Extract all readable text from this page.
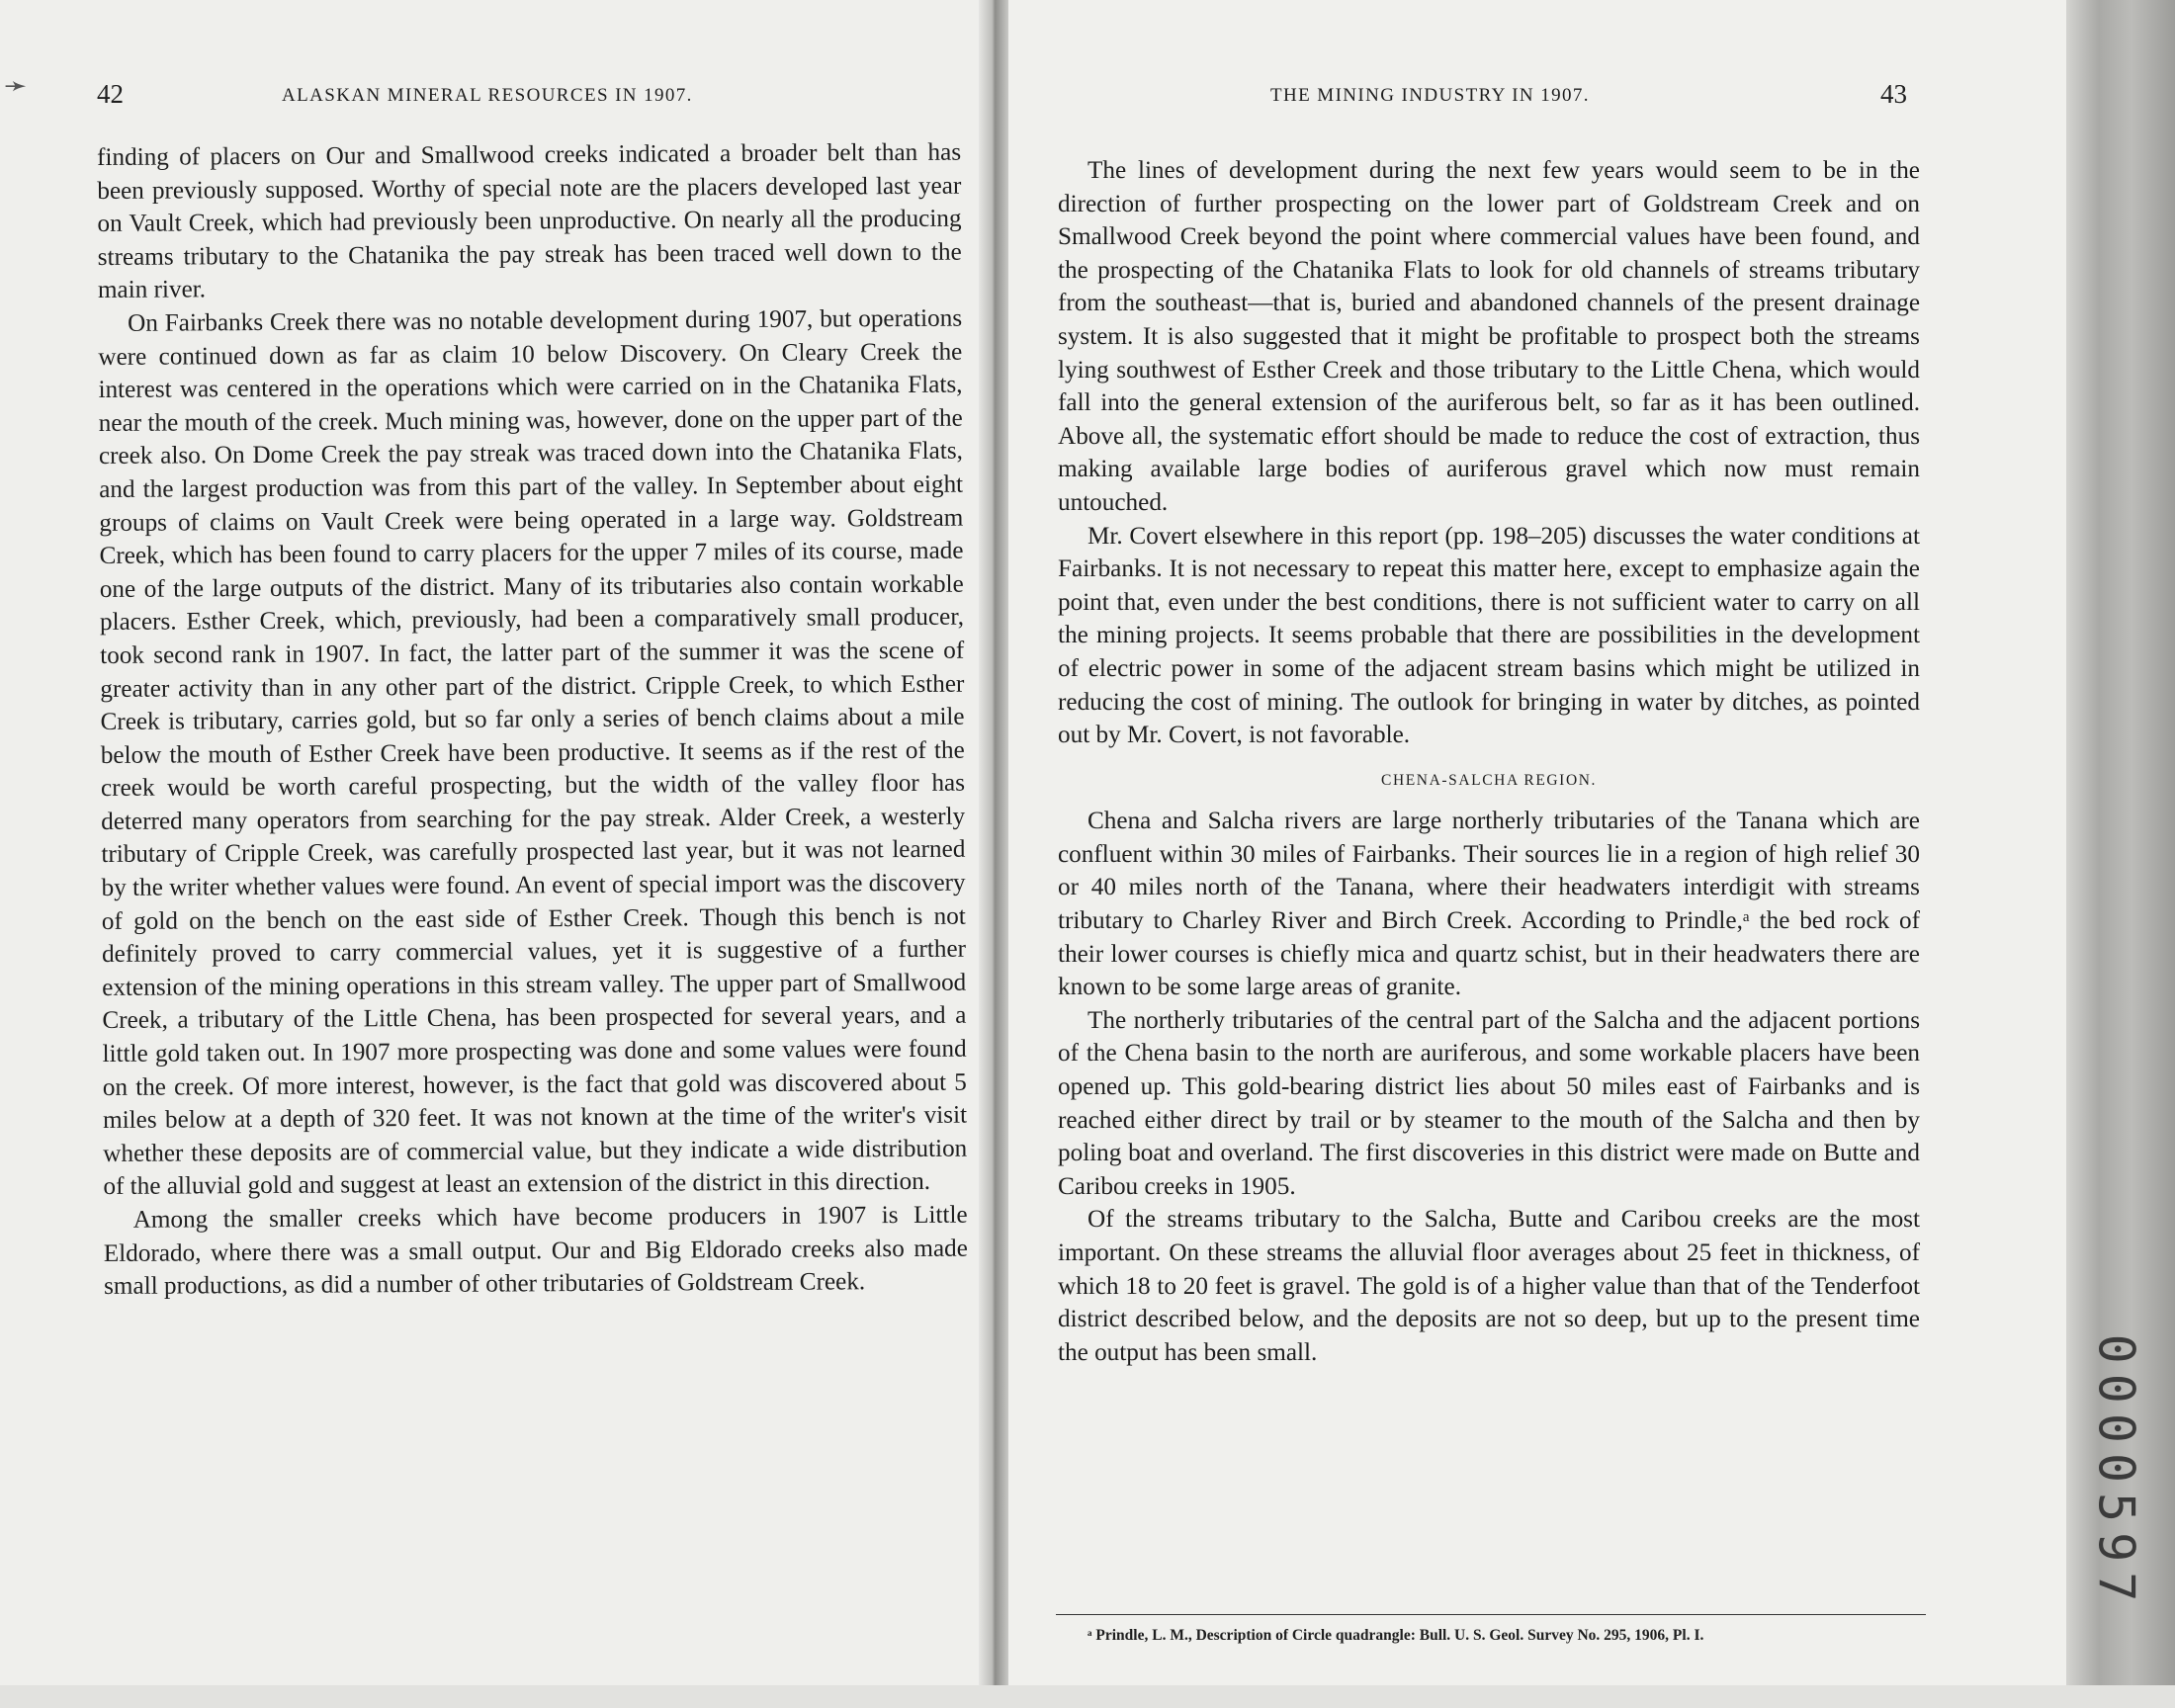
➛	42	ALASKAN MINERAL RESOURCES IN 1907.	THE MINING INDUSTRY IN 1907.	43

finding of placers on Our and Smallwood creeks indicated a broader belt than has been previously supposed. Worthy of special note are the placers developed last year on Vault Creek, which had previously been unproductive. On nearly all the producing streams tributary to the Chatanika the pay streak has been traced well down to the main river.

On Fairbanks Creek there was no notable development during 1907, but operations were continued down as far as claim 10 below Discovery. On Cleary Creek the interest was centered in the operations which were carried on in the Chatanika Flats, near the mouth of the creek. Much mining was, however, done on the upper part of the creek also. On Dome Creek the pay streak was traced down into the Chatanika Flats, and the largest production was from this part of the valley. In September about eight groups of claims on Vault Creek were being operated in a large way. Goldstream Creek, which has been found to carry placers for the upper 7 miles of its course, made one of the large outputs of the district. Many of its tributaries also contain workable placers. Esther Creek, which, previously, had been a comparatively small producer, took second rank in 1907. In fact, the latter part of the summer it was the scene of greater activity than in any other part of the district. Cripple Creek, to which Esther Creek is tributary, carries gold, but so far only a series of bench claims about a mile below the mouth of Esther Creek have been productive. It seems as if the rest of the creek would be worth careful prospecting, but the width of the valley floor has deterred many operators from searching for the pay streak. Alder Creek, a westerly tributary of Cripple Creek, was carefully prospected last year, but it was not learned by the writer whether values were found. An event of special import was the discovery of gold on the bench on the east side of Esther Creek. Though this bench is not definitely proved to carry commercial values, yet it is suggestive of a further extension of the mining operations in this stream valley. The upper part of Smallwood Creek, a tributary of the Little Chena, has been prospected for several years, and a little gold taken out. In 1907 more prospecting was done and some values were found on the creek. Of more interest, however, is the fact that gold was discovered about 5 miles below at a depth of 320 feet. It was not known at the time of the writer's visit whether these deposits are of commercial value, but they indicate a wide distribution of the alluvial gold and suggest at least an extension of the district in this direction.

Among the smaller creeks which have become producers in 1907 is Little Eldorado, where there was a small output. Our and Big Eldorado creeks also made small productions, as did a number of other tributaries of Goldstream Creek.

The lines of development during the next few years would seem to be in the direction of further prospecting on the lower part of Goldstream Creek and on Smallwood Creek beyond the point where commercial values have been found, and the prospecting of the Chatanika Flats to look for old channels of streams tributary from the southeast—that is, buried and abandoned channels of the present drainage system. It is also suggested that it might be profitable to prospect both the streams lying southwest of Esther Creek and those tributary to the Little Chena, which would fall into the general extension of the auriferous belt, so far as it has been outlined. Above all, the systematic effort should be made to reduce the cost of extraction, thus making available large bodies of auriferous gravel which now must remain untouched.

Mr. Covert elsewhere in this report (pp. 198–205) discusses the water conditions at Fairbanks. It is not necessary to repeat this matter here, except to emphasize again the point that, even under the best conditions, there is not sufficient water to carry on all the mining projects. It seems probable that there are possibilities in the development of electric power in some of the adjacent stream basins which might be utilized in reducing the cost of mining. The outlook for bringing in water by ditches, as pointed out by Mr. Covert, is not favorable.

CHENA-SALCHA REGION.

Chena and Salcha rivers are large northerly tributaries of the Tanana which are confluent within 30 miles of Fairbanks. Their sources lie in a region of high relief 30 or 40 miles north of the Tanana, where their headwaters interdigit with streams tributary to Charley River and Birch Creek. According to Prindle,ᵃ the bed rock of their lower courses is chiefly mica and quartz schist, but in their headwaters there are known to be some large areas of granite.

The northerly tributaries of the central part of the Salcha and the adjacent portions of the Chena basin to the north are auriferous, and some workable placers have been opened up. This gold-bearing district lies about 50 miles east of Fairbanks and is reached either direct by trail or by steamer to the mouth of the Salcha and then by poling boat and overland. The first discoveries in this district were made on Butte and Caribou creeks in 1905.

Of the streams tributary to the Salcha, Butte and Caribou creeks are the most important. On these streams the alluvial floor averages about 25 feet in thickness, of which 18 to 20 feet is gravel. The gold is of a higher value than that of the Tenderfoot district described below, and the deposits are not so deep, but up to the present time the output has been small.

ᵃ Prindle, L. M., Description of Circle quadrangle: Bull. U. S. Geol. Survey No. 295, 1906, Pl. I.
0000597
